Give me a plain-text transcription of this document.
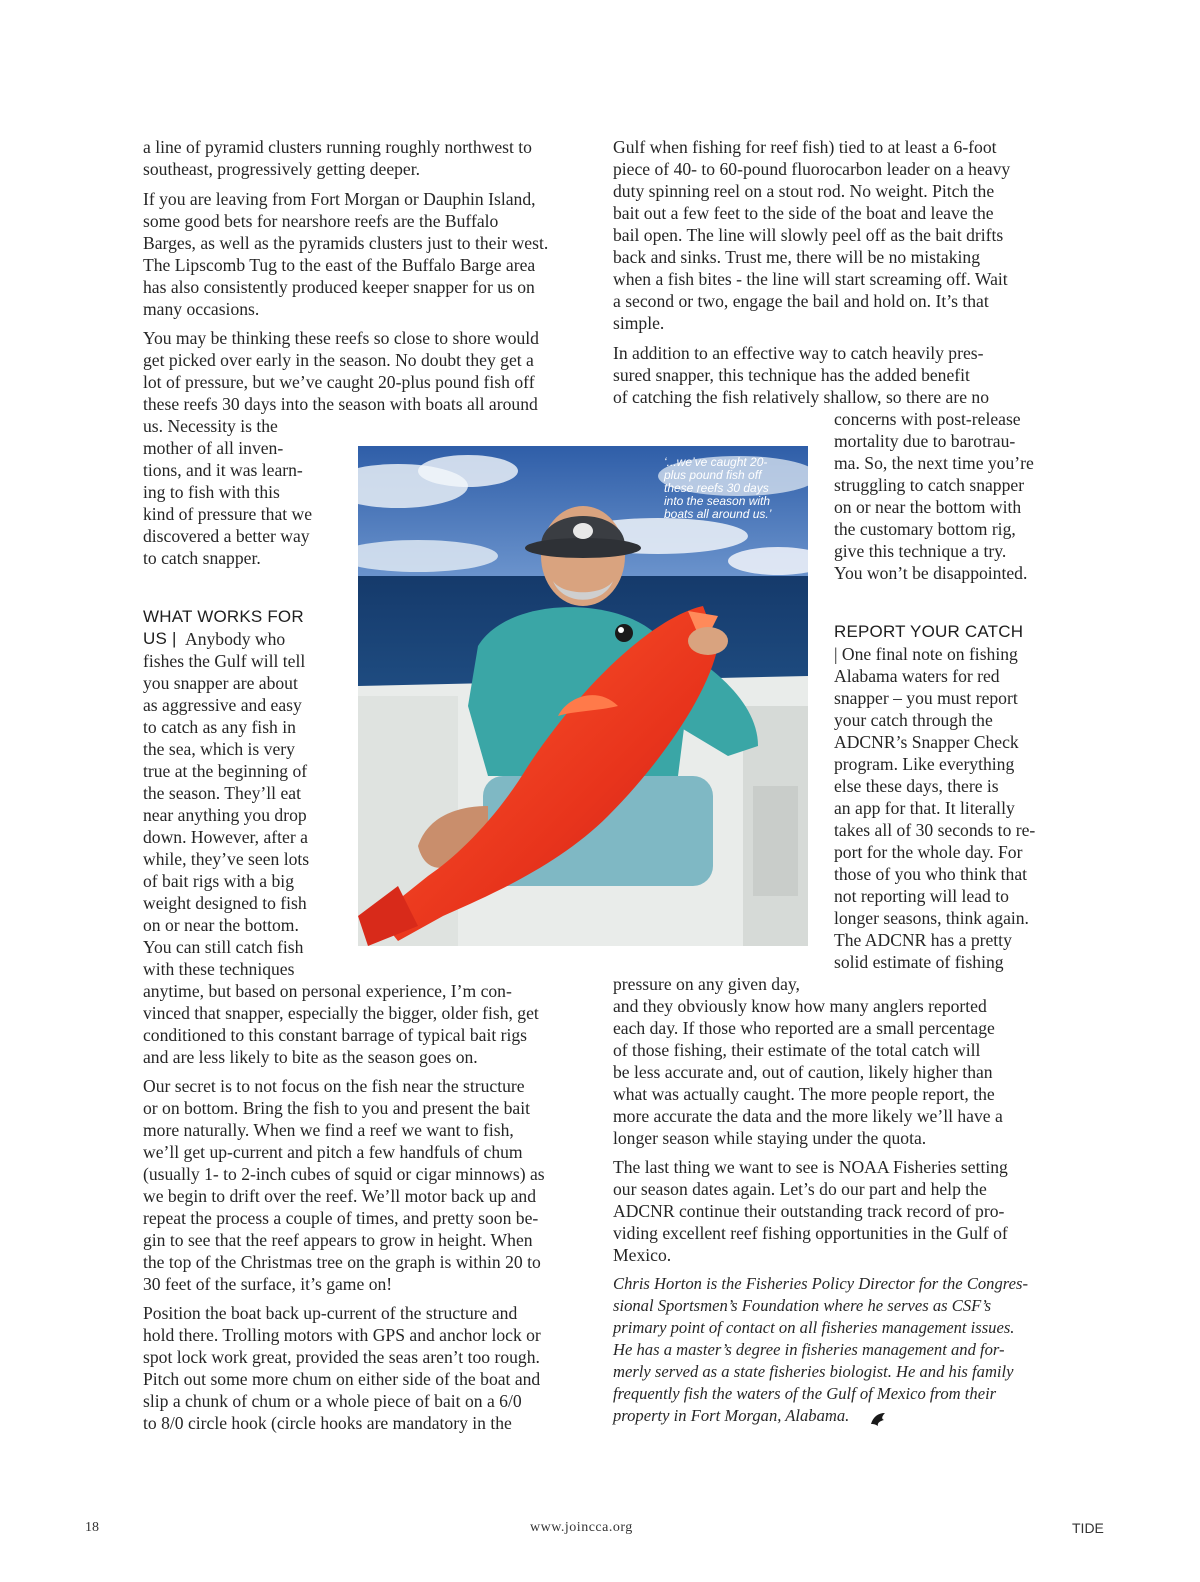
Anybody who	REPORT YOUR CATCH

| One final note on fishing

‘...we’ve caught 20-
plus pound fish off
these reefs 30 days
into the season with
boats all around us.’

18	www.joincca.org	TIDE

a line of pyramid clusters running roughly northwest to

southeast, progressively getting deeper.

If you are leaving from Fort Morgan or Dauphin Island,

some good bets for nearshore reefs are the Buffalo

Barges, as well as the pyramids clusters just to their west.

The Lipscomb Tug to the east of the Buffalo Barge area

has also consistently produced keeper snapper for us on

many occasions.

You may be thinking these reefs so close to shore would

get picked over early in the season. No doubt they get a

lot of pressure, but we’ve caught 20-plus pound fish off

these reefs 30 days into the season with boats all around

us. Necessity is the

mother of all inven-

tions, and it was learn-

ing to fish with this

kind of pressure that we

discovered a better way

to catch snapper.

WHAT WORKS FOR

US |

fishes the Gulf will tell

you snapper are about

as aggressive and easy

to catch as any fish in

the sea, which is very

true at the beginning of

the season. They’ll eat

near anything you drop

down. However, after a

while, they’ve seen lots

of bait rigs with a big

weight designed to fish

on or near the bottom.

You can still catch fish

with these techniques

anytime, but based on personal experience, I’m con-

vinced that snapper, especially the bigger, older fish, get

conditioned to this constant barrage of typical bait rigs

and are less likely to bite as the season goes on.

Our secret is to not focus on the fish near the structure

or on bottom. Bring the fish to you and present the bait

more naturally. When we find a reef we want to fish,

we’ll get up-current and pitch a few handfuls of chum

(usually 1- to 2-inch cubes of squid or cigar minnows) as

we begin to drift over the reef. We’ll motor back up and

repeat the process a couple of times, and pretty soon be-

gin to see that the reef appears to grow in height. When

the top of the Christmas tree on the graph is within 20 to

30 feet of the surface, it’s game on!

Position the boat back up-current of the structure and

hold there. Trolling motors with GPS and anchor lock or

spot lock work great, provided the seas aren’t too rough.

Pitch out some more chum on either side of the boat and

slip a chunk of chum or a whole piece of bait on a 6/0

to 8/0 circle hook (circle hooks are mandatory in the

Gulf when fishing for reef fish) tied to at least a 6-foot

piece of 40- to 60-pound fluorocarbon leader on a heavy

duty spinning reel on a stout rod. No weight. Pitch the

bait out a few feet to the side of the boat and leave the

bail open. The line will slowly peel off as the bait drifts

back and sinks. Trust me, there will be no mistaking

when a fish bites - the line will start screaming off. Wait

a second or two, engage the bail and hold on. It’s that

simple.

In addition to an effective way to catch heavily pres-

sured snapper, this technique has the added benefit

of catching the fish relatively shallow, so there are no

concerns with post-release

mortality due to barotrau-

ma. So, the next time you’re

struggling to catch snapper

on or near the bottom with

the customary bottom rig,

give this technique a try.

You won’t be disappointed.

Alabama waters for red

snapper – you must report

your catch through the

ADCNR’s Snapper Check

program. Like everything

else these days, there is

an app for that. It literally

takes all of 30 seconds to re-

port for the whole day. For

those of you who think that

not reporting will lead to

longer seasons, think again.

The ADCNR has a pretty

solid estimate of fishing

pressure on any given day,

and they obviously know how many anglers reported

each day. If those who reported are a small percentage

of those fishing, their estimate of the total catch will

be less accurate and, out of caution, likely higher than

what was actually caught. The more people report, the

more accurate the data and the more likely we’ll have a

longer season while staying under the quota.

The last thing we want to see is NOAA Fisheries setting

our season dates again. Let’s do our part and help the

ADCNR continue their outstanding track record of pro-

viding excellent reef fishing opportunities in the Gulf of

Mexico.

Chris Horton is the Fisheries Policy Director for the Congres-

sional Sportsmen’s Foundation where he serves as CSF’s

primary point of contact on all fisheries management issues.

He has a master’s degree in fisheries management and for-

merly served as a state fisheries biologist. He and his family

frequently fish the waters of the Gulf of Mexico from their

property in Fort Morgan, Alabama.
